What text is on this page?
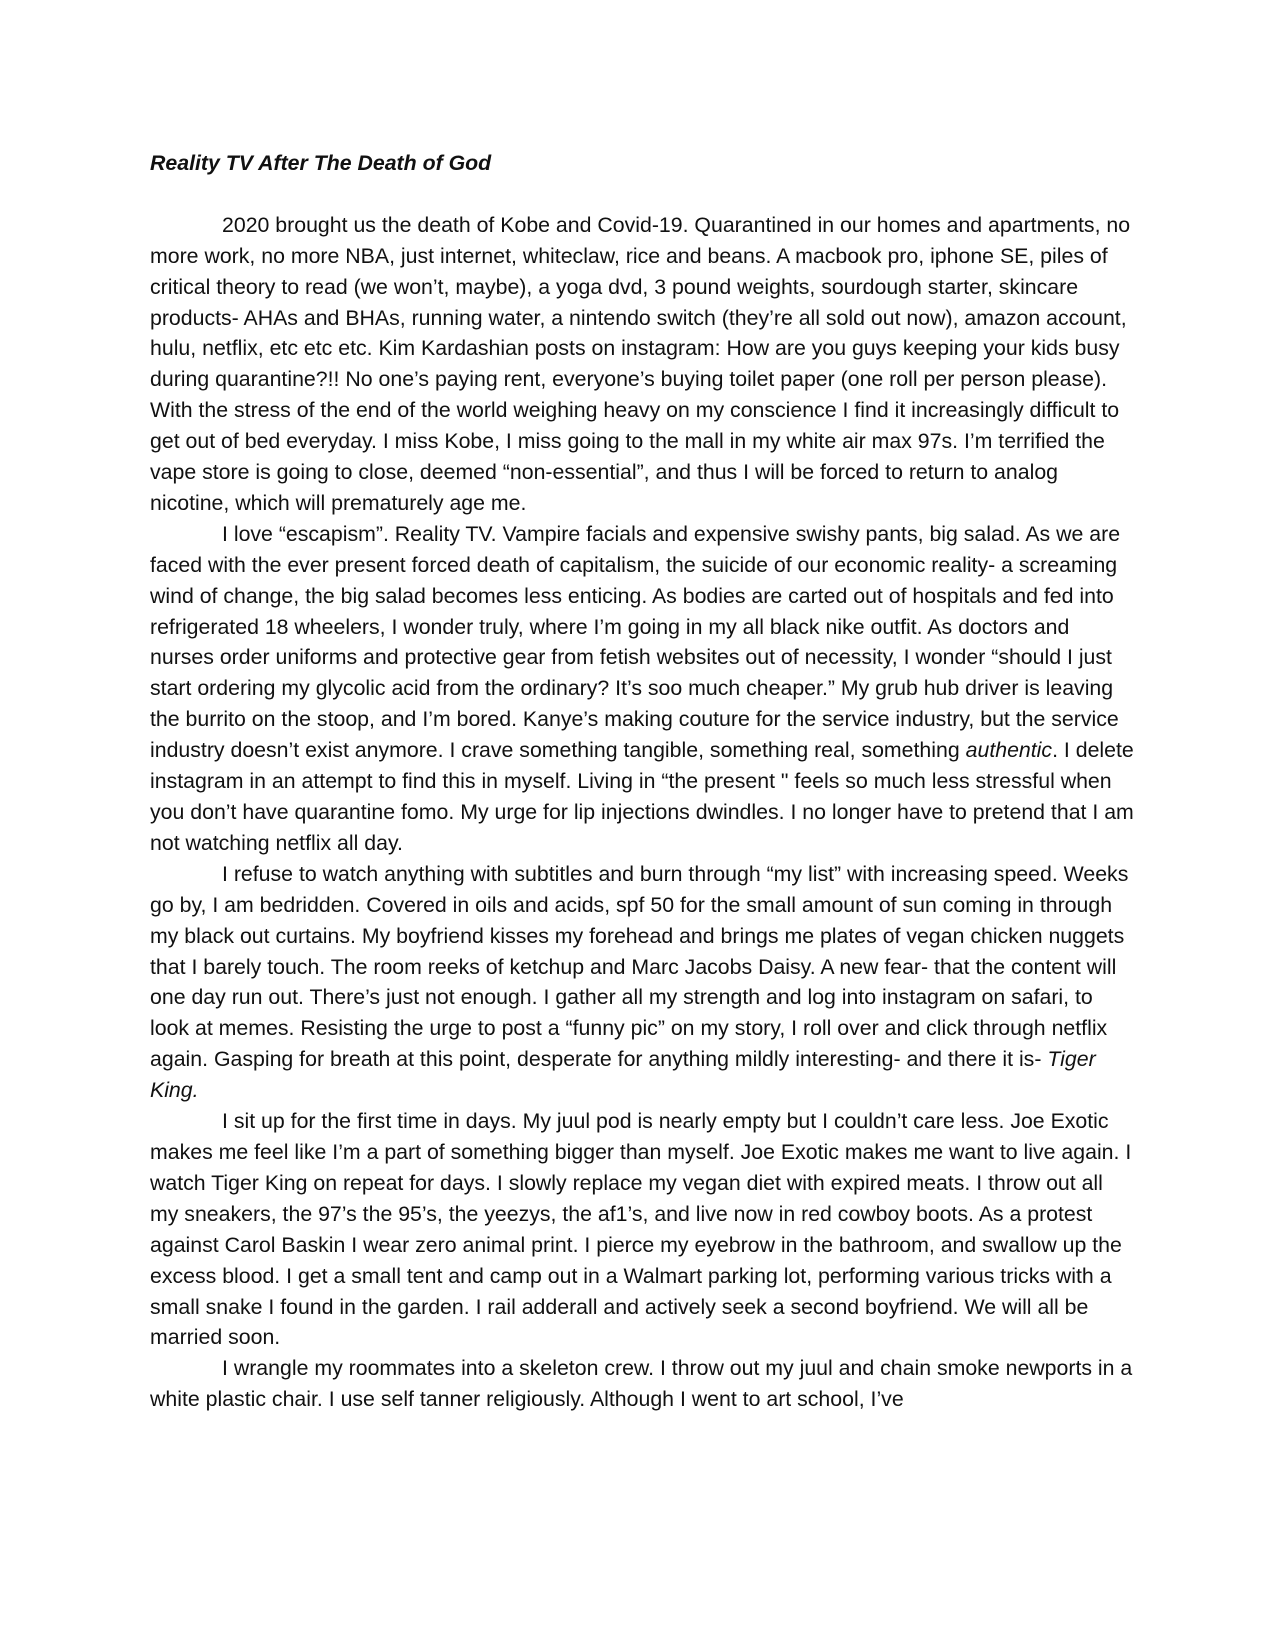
Reality TV After The Death of God

2020 brought us the death of Kobe and Covid-19. Quarantined in our homes and apartments, no more work, no more NBA, just internet, whiteclaw, rice and beans. A macbook pro, iphone SE, piles of critical theory to read (we won’t, maybe), a yoga dvd, 3 pound weights, sourdough starter, skincare products- AHAs and BHAs, running water, a nintendo switch (they’re all sold out now), amazon account, hulu, netflix, etc etc etc. Kim Kardashian posts on instagram: How are you guys keeping your kids busy during quarantine?!! No one’s paying rent, everyone’s buying toilet paper (one roll per person please). With the stress of the end of the world weighing heavy on my conscience I find it increasingly difficult to get out of bed everyday. I miss Kobe, I miss going to the mall in my white air max 97s. I’m terrified the vape store is going to close, deemed “non-essential”, and thus I will be forced to return to analog nicotine, which will prematurely age me.

I love “escapism”. Reality TV. Vampire facials and expensive swishy pants, big salad. As we are faced with the ever present forced death of capitalism, the suicide of our economic reality- a screaming wind of change, the big salad becomes less enticing. As bodies are carted out of hospitals and fed into refrigerated 18 wheelers, I wonder truly, where I’m going in my all black nike outfit. As doctors and nurses order uniforms and protective gear from fetish websites out of necessity, I wonder “should I just start ordering my glycolic acid from the ordinary? It’s soo much cheaper.” My grub hub driver is leaving the burrito on the stoop, and I’m bored. Kanye’s making couture for the service industry, but the service industry doesn’t exist anymore. I crave something tangible, something real, something authentic. I delete instagram in an attempt to find this in myself. Living in “the present " feels so much less stressful when you don’t have quarantine fomo. My urge for lip injections dwindles. I no longer have to pretend that I am not watching netflix all day.

I refuse to watch anything with subtitles and burn through “my list” with increasing speed. Weeks go by, I am bedridden. Covered in oils and acids, spf 50 for the small amount of sun coming in through my black out curtains. My boyfriend kisses my forehead and brings me plates of vegan chicken nuggets that I barely touch. The room reeks of ketchup and Marc Jacobs Daisy. A new fear- that the content will one day run out. There’s just not enough. I gather all my strength and log into instagram on safari, to look at memes. Resisting the urge to post a “funny pic” on my story, I roll over and click through netflix again. Gasping for breath at this point, desperate for anything mildly interesting- and there it is- Tiger King.

I sit up for the first time in days. My juul pod is nearly empty but I couldn’t care less. Joe Exotic makes me feel like I’m a part of something bigger than myself. Joe Exotic makes me want to live again. I watch Tiger King on repeat for days. I slowly replace my vegan diet with expired meats. I throw out all my sneakers, the 97’s the 95’s, the yeezys, the af1’s, and live now in red cowboy boots. As a protest against Carol Baskin I wear zero animal print. I pierce my eyebrow in the bathroom, and swallow up the excess blood. I get a small tent and camp out in a Walmart parking lot, performing various tricks with a small snake I found in the garden. I rail adderall and actively seek a second boyfriend. We will all be married soon.

I wrangle my roommates into a skeleton crew. I throw out my juul and chain smoke newports in a white plastic chair. I use self tanner religiously. Although I went to art school, I’ve
